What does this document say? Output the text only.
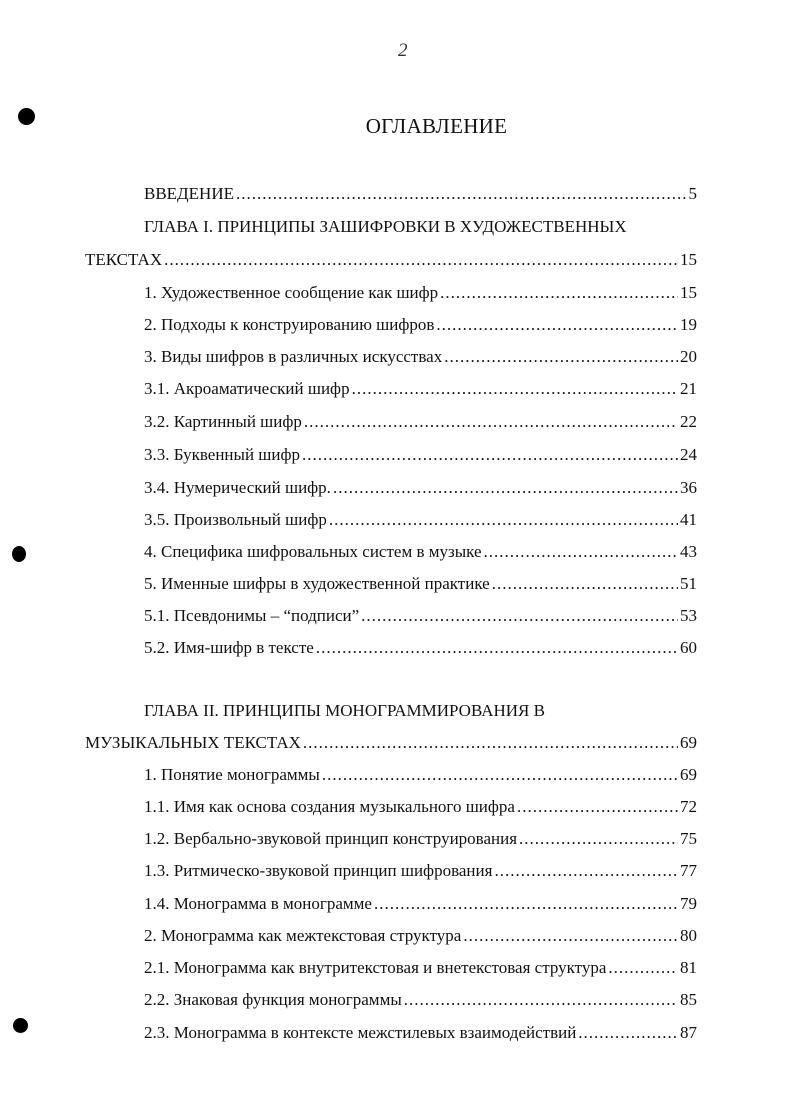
2
ОГЛАВЛЕНИЕ
ВВЕДЕНИЕ .....	5
ГЛАВА I. ПРИНЦИПЫ ЗАШИФРОВКИ В ХУДОЖЕСТВЕННЫХ
ТЕКСТАХ .....	15
1. Художественное сообщение как шифр .....	15
2. Подходы к конструированию шифров .....	19
3. Виды шифров в различных искусствах .....	20
3.1. Акроаматический шифр .....	21
3.2. Картинный шифр .....	22
3.3. Буквенный шифр .....	24
3.4. Нумерический шифр. .....	36
3.5. Произвольный шифр .....	41
4. Специфика шифровальных систем в музыке .....	43
5. Именные шифры в художественной практике .....	51
5.1. Псевдонимы – “подписи” .....	53
5.2. Имя-шифр в тексте .....	60
ГЛАВА II. ПРИНЦИПЫ МОНОГРАММИРОВАНИЯ В
МУЗЫКАЛЬНЫХ ТЕКСТАХ .....	69
1. Понятие монограммы .....	69
1.1. Имя как основа создания музыкального шифра .....	72
1.2. Вербально-звуковой принцип конструирования .....	75
1.3. Ритмическо-звуковой принцип шифрования .....	77
1.4. Монограмма в монограмме .....	79
2. Монограмма как межтекстовая структура .....	80
2.1. Монограмма как внутритекстовая и внетекстовая структура .....	81
2.2. Знаковая функция монограммы .....	85
2.3. Монограмма в контексте межстилевых взаимодействий .....	87
